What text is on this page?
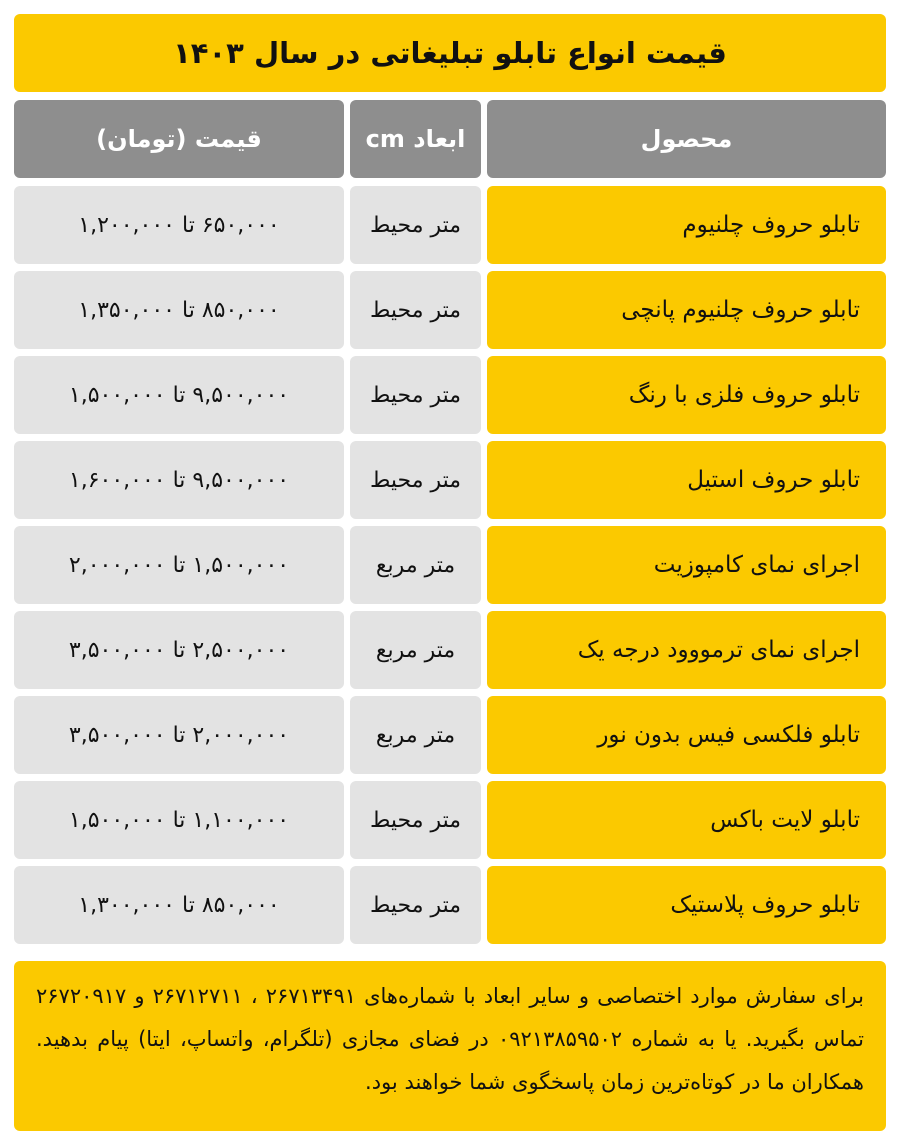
قیمت انواع تابلو تبلیغاتی در سال ۱۴۰۳
محصول
ابعاد cm
قیمت (تومان)
تابلو حروف چلنیوم
متر محیط
۶۵۰,۰۰۰ تا ۱,۲۰۰,۰۰۰
تابلو حروف چلنیوم پانچی
متر محیط
۸۵۰,۰۰۰ تا ۱,۳۵۰,۰۰۰
تابلو حروف فلزی با رنگ
متر محیط
۹,۵۰۰,۰۰۰ تا ۱,۵۰۰,۰۰۰
تابلو حروف استیل
متر محیط
۹,۵۰۰,۰۰۰ تا ۱,۶۰۰,۰۰۰
اجرای نمای کامپوزیت
متر مربع
۱,۵۰۰,۰۰۰ تا ۲,۰۰۰,۰۰۰
اجرای نمای ترمووود درجه یک
متر مربع
۲,۵۰۰,۰۰۰ تا ۳,۵۰۰,۰۰۰
تابلو فلکسی فیس بدون نور
متر مربع
۲,۰۰۰,۰۰۰ تا ۳,۵۰۰,۰۰۰
تابلو لایت باکس
متر محیط
۱,۱۰۰,۰۰۰ تا ۱,۵۰۰,۰۰۰
تابلو حروف پلاستیک
متر محیط
۸۵۰,۰۰۰ تا ۱,۳۰۰,۰۰۰
برای سفارش موارد اختصاصی و سایر ابعاد با شماره‌های ۲۶۷۱۳۴۹۱ ، ۲۶۷۱۲۷۱۱ و ۲۶۷۲۰۹۱۷ تماس بگیرید. یا به شماره ۰۹۲۱۳۸۵۹۵۰۲ در فضای مجازی (تلگرام، واتساپ، ایتا) پیام بدهید. همکاران ما در کوتاه‌ترین زمان پاسخگوی شما خواهند بود.
